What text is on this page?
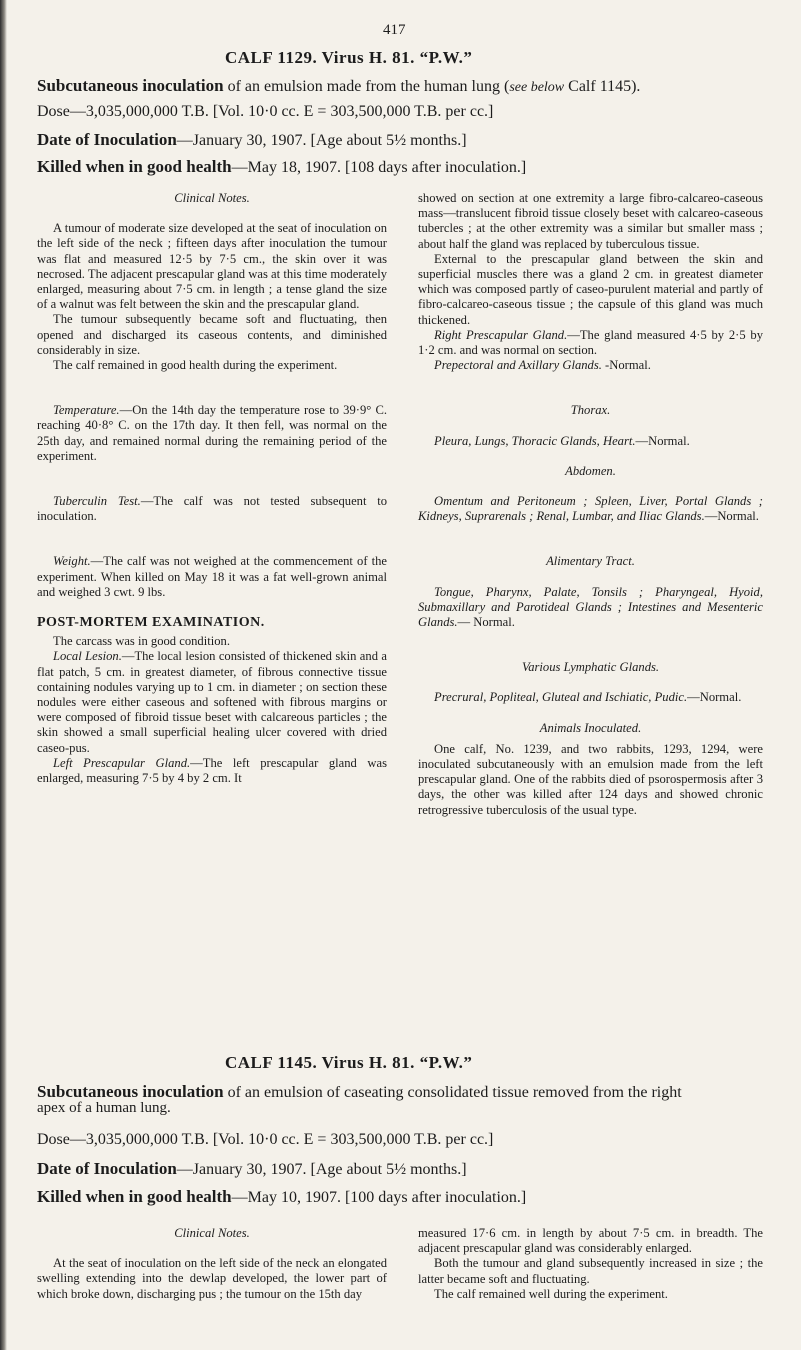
417
CALF 1129. Virus H. 81. “P.W.”
Subcutaneous inoculation of an emulsion made from the human lung (see below Calf 1145).
Dose—3,035,000,000 T.B. [Vol. 10·0 cc. E = 303,500,000 T.B. per cc.]
Date of Inoculation—January 30, 1907. [Age about 5½ months.]
Killed when in good health—May 18, 1907. [108 days after inoculation.]

Clinical Notes.

A tumour of moderate size developed at the seat of inoculation on the left side of the neck ; fifteen days after inoculation the tumour was flat and measured 12·5 by 7·5 cm., the skin over it was necrosed. The adjacent prescapular gland was at this time moderately enlarged, measuring about 7·5 cm. in length ; a tense gland the size of a walnut was felt between the skin and the prescapular gland.

The tumour subsequently became soft and fluctuating, then opened and discharged its caseous contents, and diminished considerably in size.

The calf remained in good health during the experiment.

Temperature.—On the 14th day the temperature rose to 39·9° C. reaching 40·8° C. on the 17th day. It then fell, was normal on the 25th day, and remained normal during the remaining period of the experiment.

Tuberculin Test.—The calf was not tested subsequent to inoculation.

Weight.—The calf was not weighed at the commencement of the experiment. When killed on May 18 it was a fat well-grown animal and weighed 3 cwt. 9 lbs.

POST-MORTEM EXAMINATION.

The carcass was in good condition.

Local Lesion.—The local lesion consisted of thickened skin and a flat patch, 5 cm. in greatest diameter, of fibrous connective tissue containing nodules varying up to 1 cm. in diameter ; on section these nodules were either caseous and softened with fibrous margins or were composed of fibroid tissue beset with calcareous particles ; the skin showed a small superficial healing ulcer covered with dried caseo-pus.

Left Prescapular Gland.—The left prescapular gland was enlarged, measuring 7·5 by 4 by 2 cm. It

showed on section at one extremity a large fibro-calcareo-caseous mass—translucent fibroid tissue closely beset with calcareo-caseous tubercles ; at the other extremity was a similar but smaller mass ; about half the gland was replaced by tuberculous tissue.

External to the prescapular gland between the skin and superficial muscles there was a gland 2 cm. in greatest diameter which was composed partly of caseo-purulent material and partly of fibro-calcareo-caseous tissue ; the capsule of this gland was much thickened.

Right Prescapular Gland.—The gland measured 4·5 by 2·5 by 1·2 cm. and was normal on section.

Prepectoral and Axillary Glands. -Normal.

Thorax.

Pleura, Lungs, Thoracic Glands, Heart.—Normal.

Abdomen.

Omentum and Peritoneum ; Spleen, Liver, Portal Glands ; Kidneys, Suprarenals ; Renal, Lumbar, and Iliac Glands.—Normal.

Alimentary Tract.

Tongue, Pharynx, Palate, Tonsils ; Pharyngeal, Hyoid, Submaxillary and Parotideal Glands ; Intestines and Mesenteric Glands.— Normal.

Various Lymphatic Glands.

Precrural, Popliteal, Gluteal and Ischiatic, Pudic.—Normal.

Animals Inoculated.

One calf, No. 1239, and two rabbits, 1293, 1294, were inoculated subcutaneously with an emulsion made from the left prescapular gland. One of the rabbits died of psorospermosis after 3 days, the other was killed after 124 days and showed chronic retrogressive tuberculosis of the usual type.

CALF 1145. Virus H. 81. “P.W.”
Subcutaneous inoculation of an emulsion of caseating consolidated tissue removed from the right
apex of a human lung.
Dose—3,035,000,000 T.B. [Vol. 10·0 cc. E = 303,500,000 T.B. per cc.]
Date of Inoculation—January 30, 1907. [Age about 5½ months.]
Killed when in good health—May 10, 1907. [100 days after inoculation.]

Clinical Notes.

At the seat of inoculation on the left side of the neck an elongated swelling extending into the dewlap developed, the lower part of which broke down, discharging pus ; the tumour on the 15th day

measured 17·6 cm. in length by about 7·5 cm. in breadth. The adjacent prescapular gland was considerably enlarged.

Both the tumour and gland subsequently increased in size ; the latter became soft and fluctuating.

The calf remained well during the experiment.
